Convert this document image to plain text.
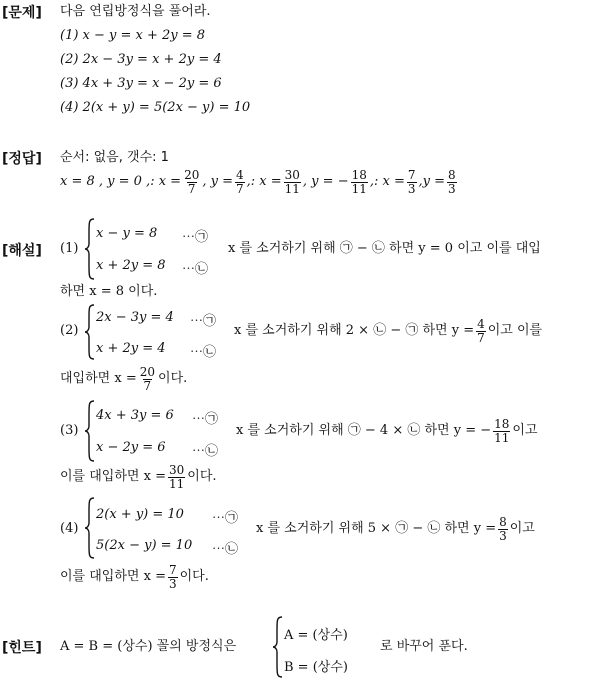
[문제] 다음 연립방정식을 풀어라.
(1) x − y = x + 2y = 8
(2) 2x − 3y = x + 2y = 4
(3) 4x + 3y = x − 2y = 6
(4) 2(x + y) = 5(2x − y) = 10
[정답] 순서: 없음, 갯수: 1
x = 8 , y = 0 ,: $x = \frac{20}{7}$ , $y = \frac{4}{7}$ ,: $x = \frac{30}{11}$ , y = − $\frac{18}{11}$ ,: $x = \frac{7}{3} ,y = \frac{8}{3}$
[해설] (1)
x − y = 8 ⋯㉠
x + 2y = 8 ⋯㉡
x 를 소거하기 위해 ㉠ − ㉡ 하면 y = 0 이고 이를 대입
하면 x = 8 이다.
(2)
2x − 3y = 4 ⋯㉠
x + 2y = 4 ⋯㉡
x 를 소거하기 위해 2 × ㉡ − ㉠ 하면 $y = \frac{4}{7}$ 이고 이를
대입하면 $x = \frac{20}{7}$ 이다.
(3)
4x + 3y = 6 ⋯㉠
x − 2y = 6 ⋯㉡
x 를 소거하기 위해 ㉠ − 4 × ㉡ 하면 y = − $\frac{18}{11}$ 이고
이를 대입하면 $x = \frac{30}{11}$ 이다.
(4)
2(x + y) = 10 ⋯㉠
5(2x − y) = 10 ⋯㉡
x 를 소거하기 위해 5 × ㉠ − ㉡ 하면 $y = \frac{8}{3}$ 이고
이를 대입하면 $x = \frac{7}{3}$ 이다.
[힌트] A = B = (상수) 꼴의 방정식은
A = (상수)
B = (상수)
로 바꾸어 푼다.
